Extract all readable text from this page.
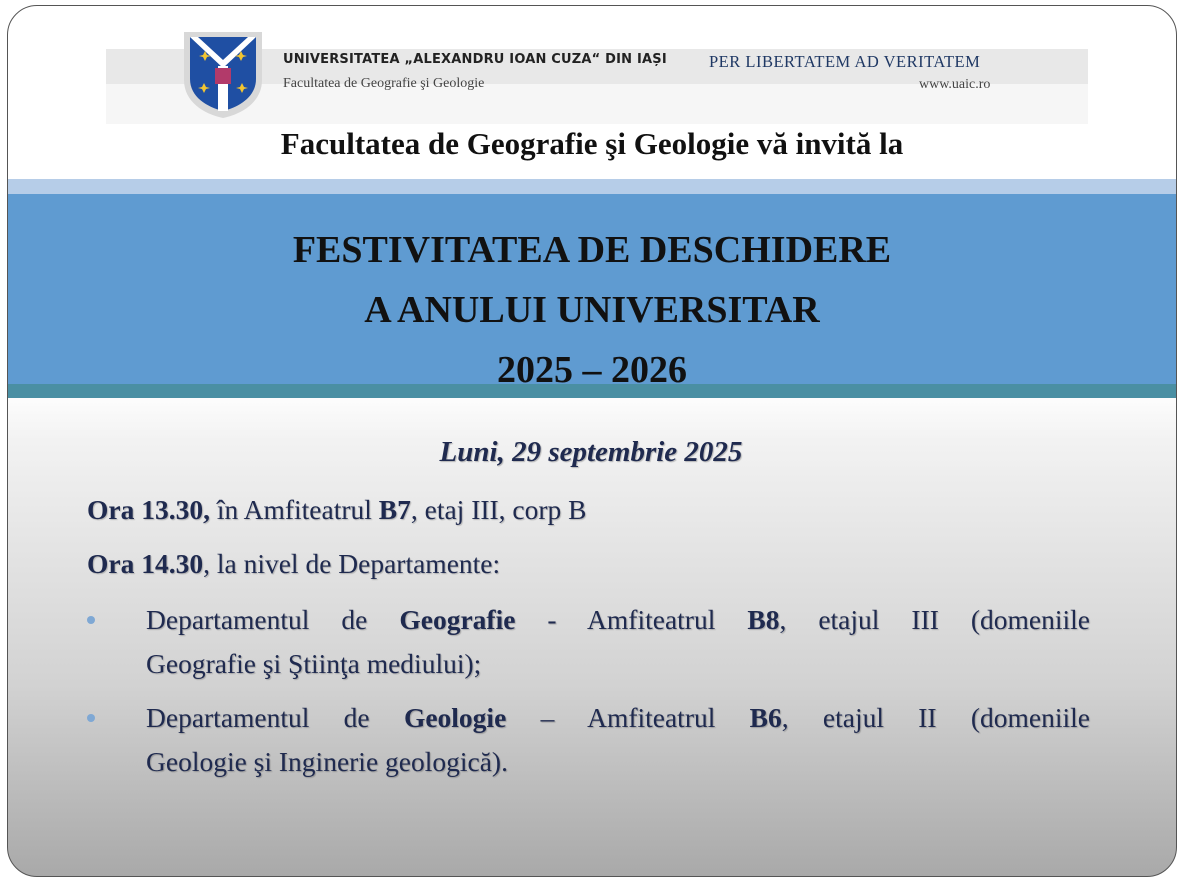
UNIVERSITATEA „ALEXANDRU IOAN CUZA“ DIN IAȘI
Facultatea de Geografie şi Geologie
PER LIBERTATEM AD VERITATEM
www.uaic.ro
Facultatea de Geografie şi Geologie vă invită la
FESTIVITATEA DE DESCHIDERE
A ANULUI UNIVERSITAR
2025 – 2026
Luni, 29 septembrie 2025
Ora 13.30, în Amfiteatrul B7, etaj III, corp B
Ora 14.30, la nivel de Departamente:
Departamentul de Geografie - Amfiteatrul B8, etajul III (domeniile
Geografie şi Ştiinţa mediului);
Departamentul de Geologie – Amfiteatrul B6, etajul II (domeniile
Geologie şi Inginerie geologică).
